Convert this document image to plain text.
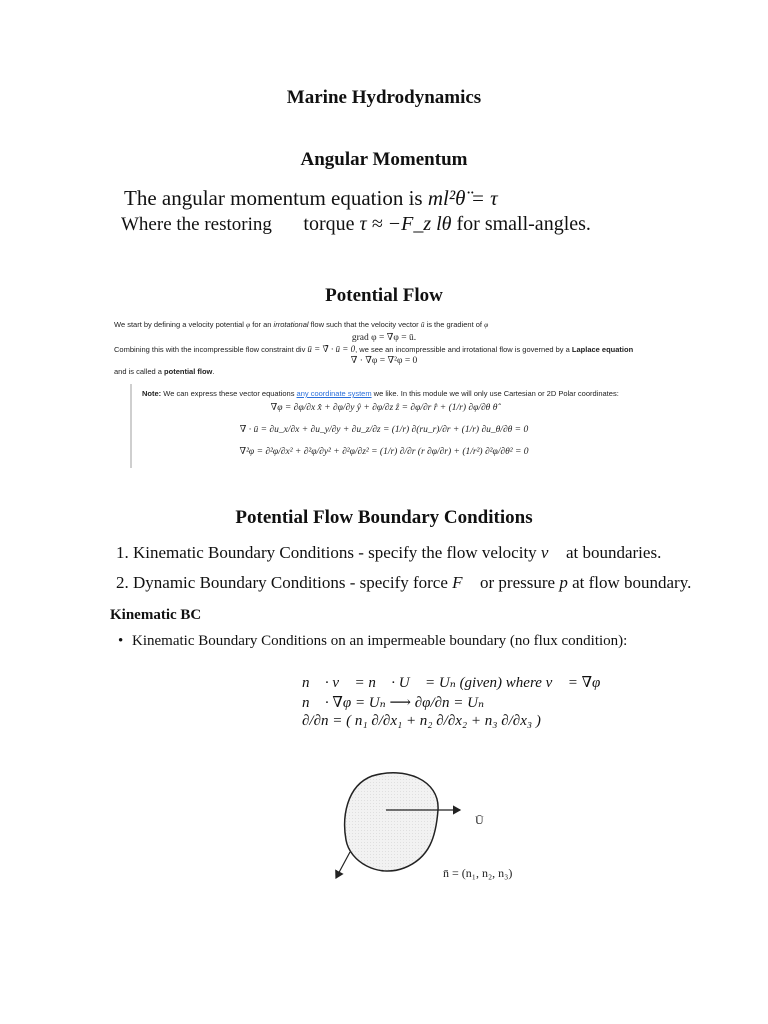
Marine Hydrodynamics
Angular Momentum
The angular momentum equation is ml²θ̈ = τ
Where the restoring torque τ ≈ −F_z lθ for small-angles.
Potential Flow
We start by defining a velocity potential φ for an irrotational flow such that the velocity vector ū is the gradient of φ
grad φ = ∇̄φ = ū.
Combining this with the incompressible flow constraint div ū = ∇̄ · ū = 0, we see an incompressible and irrotational flow is governed by a Laplace equation
∇̄ · ∇̄φ = ∇²φ = 0
and is called a potential flow.
Note: We can express these vector equations any coordinate system we like. In this module we will only use Cartesian or 2D Polar coordinates:
∇̄φ = ∂φ/∂x x̂ + ∂φ/∂y ŷ + ∂φ/∂z ẑ = ∂φ/∂r r̂ + (1/r) ∂φ/∂θ θ̂
∇̄ · ū = ∂u_x/∂x + ∂u_y/∂y + ∂u_z/∂z = (1/r) ∂(ru_r)/∂r + (1/r) ∂u_θ/∂θ = 0
∇²φ = ∂²φ/∂x² + ∂²φ/∂y² + ∂²φ/∂z² = (1/r) ∂/∂r (r ∂φ/∂r) + (1/r²) ∂²φ/∂θ² = 0
Potential Flow Boundary Conditions
1. Kinematic Boundary Conditions - specify the flow velocity v⃗ at boundaries.
2. Dynamic Boundary Conditions - specify force F⃗ or pressure p at flow boundary.
Kinematic BC
• Kinematic Boundary Conditions on an impermeable boundary (no flux condition):
n⃗ · v⃗ = n⃗ · U⃗ = Uₙ (given) where v⃗ = ∇φ
n⃗ · ∇φ = Uₙ ⟶ ∂φ/∂n = Uₙ
∂/∂n = ( n₁ ∂/∂x₁ + n₂ ∂/∂x₂ + n₃ ∂/∂x₃ )
Ū
n̄ = (n₁, n₂, n₃)
